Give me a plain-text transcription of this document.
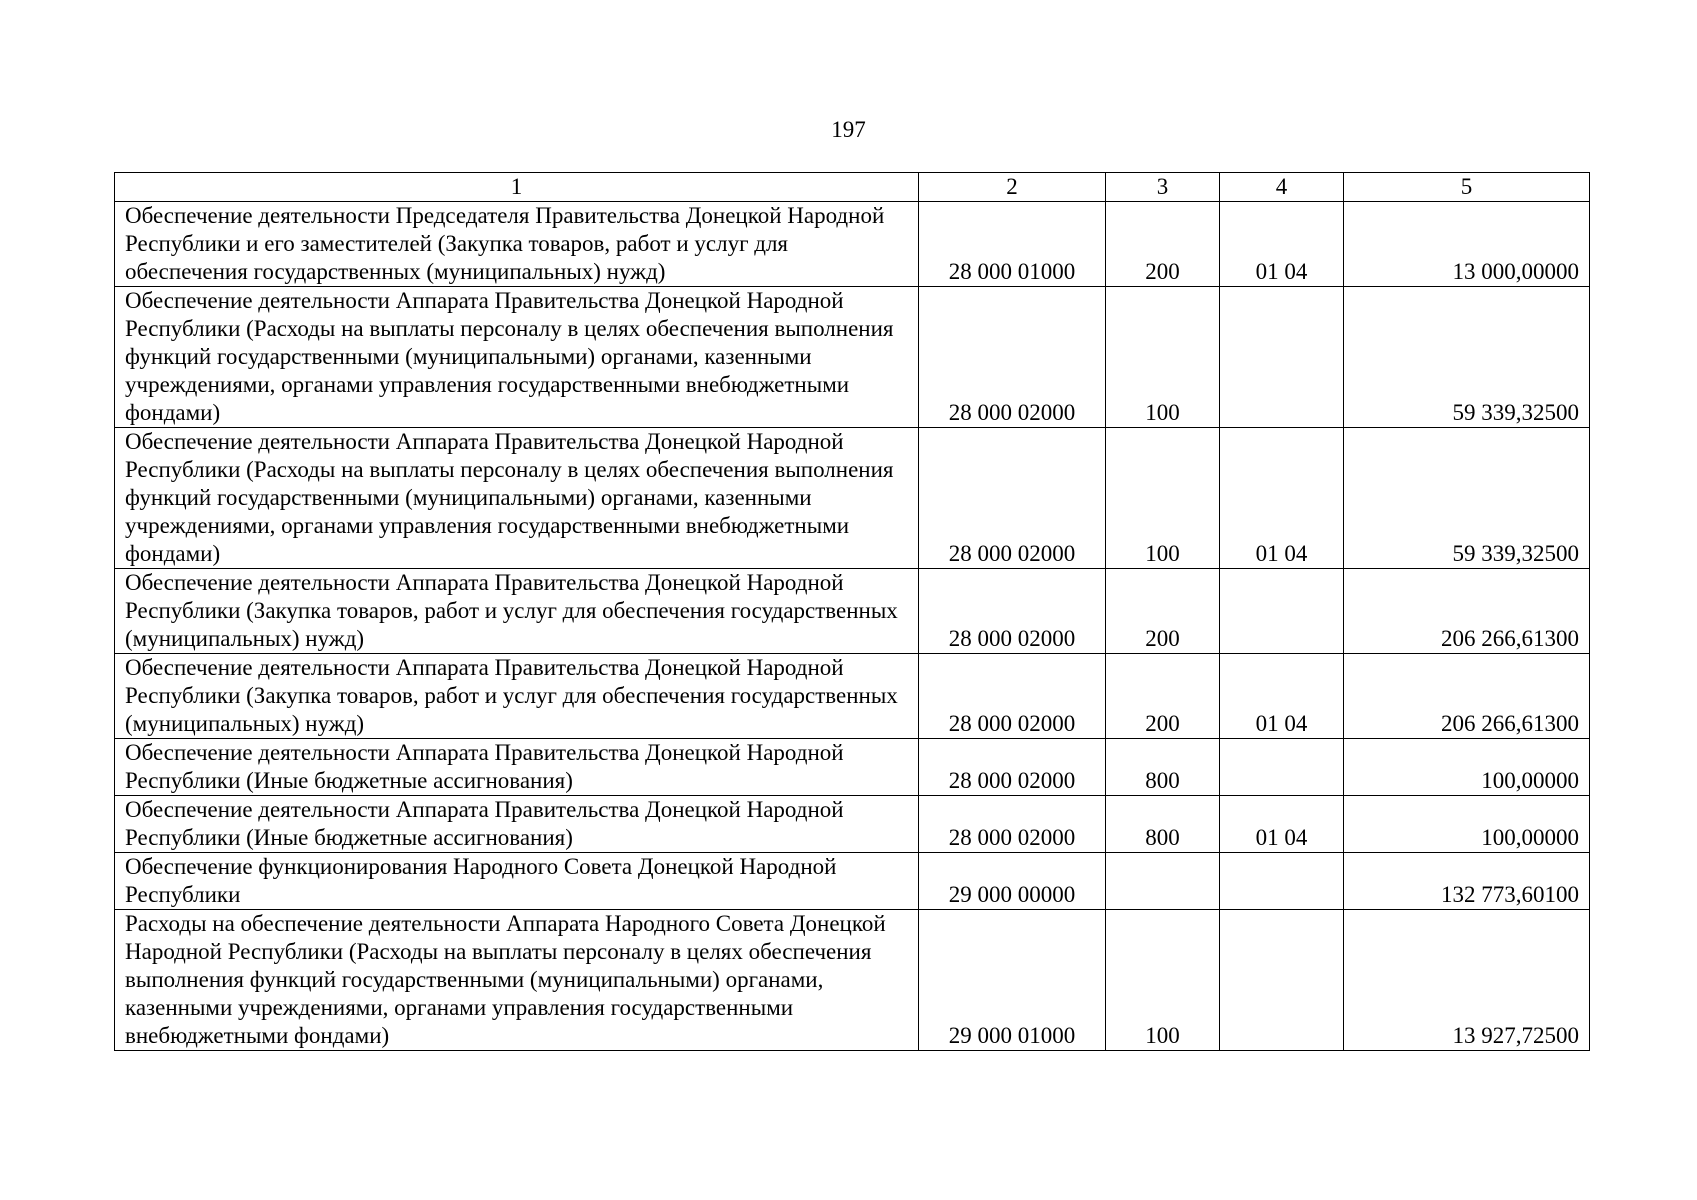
197
1	2	3	4	5
Обеспечение деятельности Председателя Правительства Донецкой Народной Республики и его заместителей (Закупка товаров, работ и услуг для обеспечения государственных (муниципальных) нужд)	28 000 01000	200	01 04	13 000,00000
Обеспечение деятельности Аппарата Правительства Донецкой Народной Республики (Расходы на выплаты персоналу в целях обеспечения выполнения функций государственными (муниципальными) органами, казенными учреждениями, органами управления государственными внебюджетными фондами)	28 000 02000	100		59 339,32500
Обеспечение деятельности Аппарата Правительства Донецкой Народной Республики (Расходы на выплаты персоналу в целях обеспечения выполнения функций государственными (муниципальными) органами, казенными учреждениями, органами управления государственными внебюджетными фондами)	28 000 02000	100	01 04	59 339,32500
Обеспечение деятельности Аппарата Правительства Донецкой Народной Республики (Закупка товаров, работ и услуг для обеспечения государственных (муниципальных) нужд)	28 000 02000	200		206 266,61300
Обеспечение деятельности Аппарата Правительства Донецкой Народной Республики (Закупка товаров, работ и услуг для обеспечения государственных (муниципальных) нужд)	28 000 02000	200	01 04	206 266,61300
Обеспечение деятельности Аппарата Правительства Донецкой Народной Республики (Иные бюджетные ассигнования)	28 000 02000	800		100,00000
Обеспечение деятельности Аппарата Правительства Донецкой Народной Республики (Иные бюджетные ассигнования)	28 000 02000	800	01 04	100,00000
Обеспечение функционирования Народного Совета Донецкой Народной Республики	29 000 00000			132 773,60100
Расходы на обеспечение деятельности Аппарата Народного Совета Донецкой Народной Республики (Расходы на выплаты персоналу в целях обеспечения выполнения функций государственными (муниципальными) органами, казенными учреждениями, органами управления государственными внебюджетными фондами)	29 000 01000	100		13 927,72500
